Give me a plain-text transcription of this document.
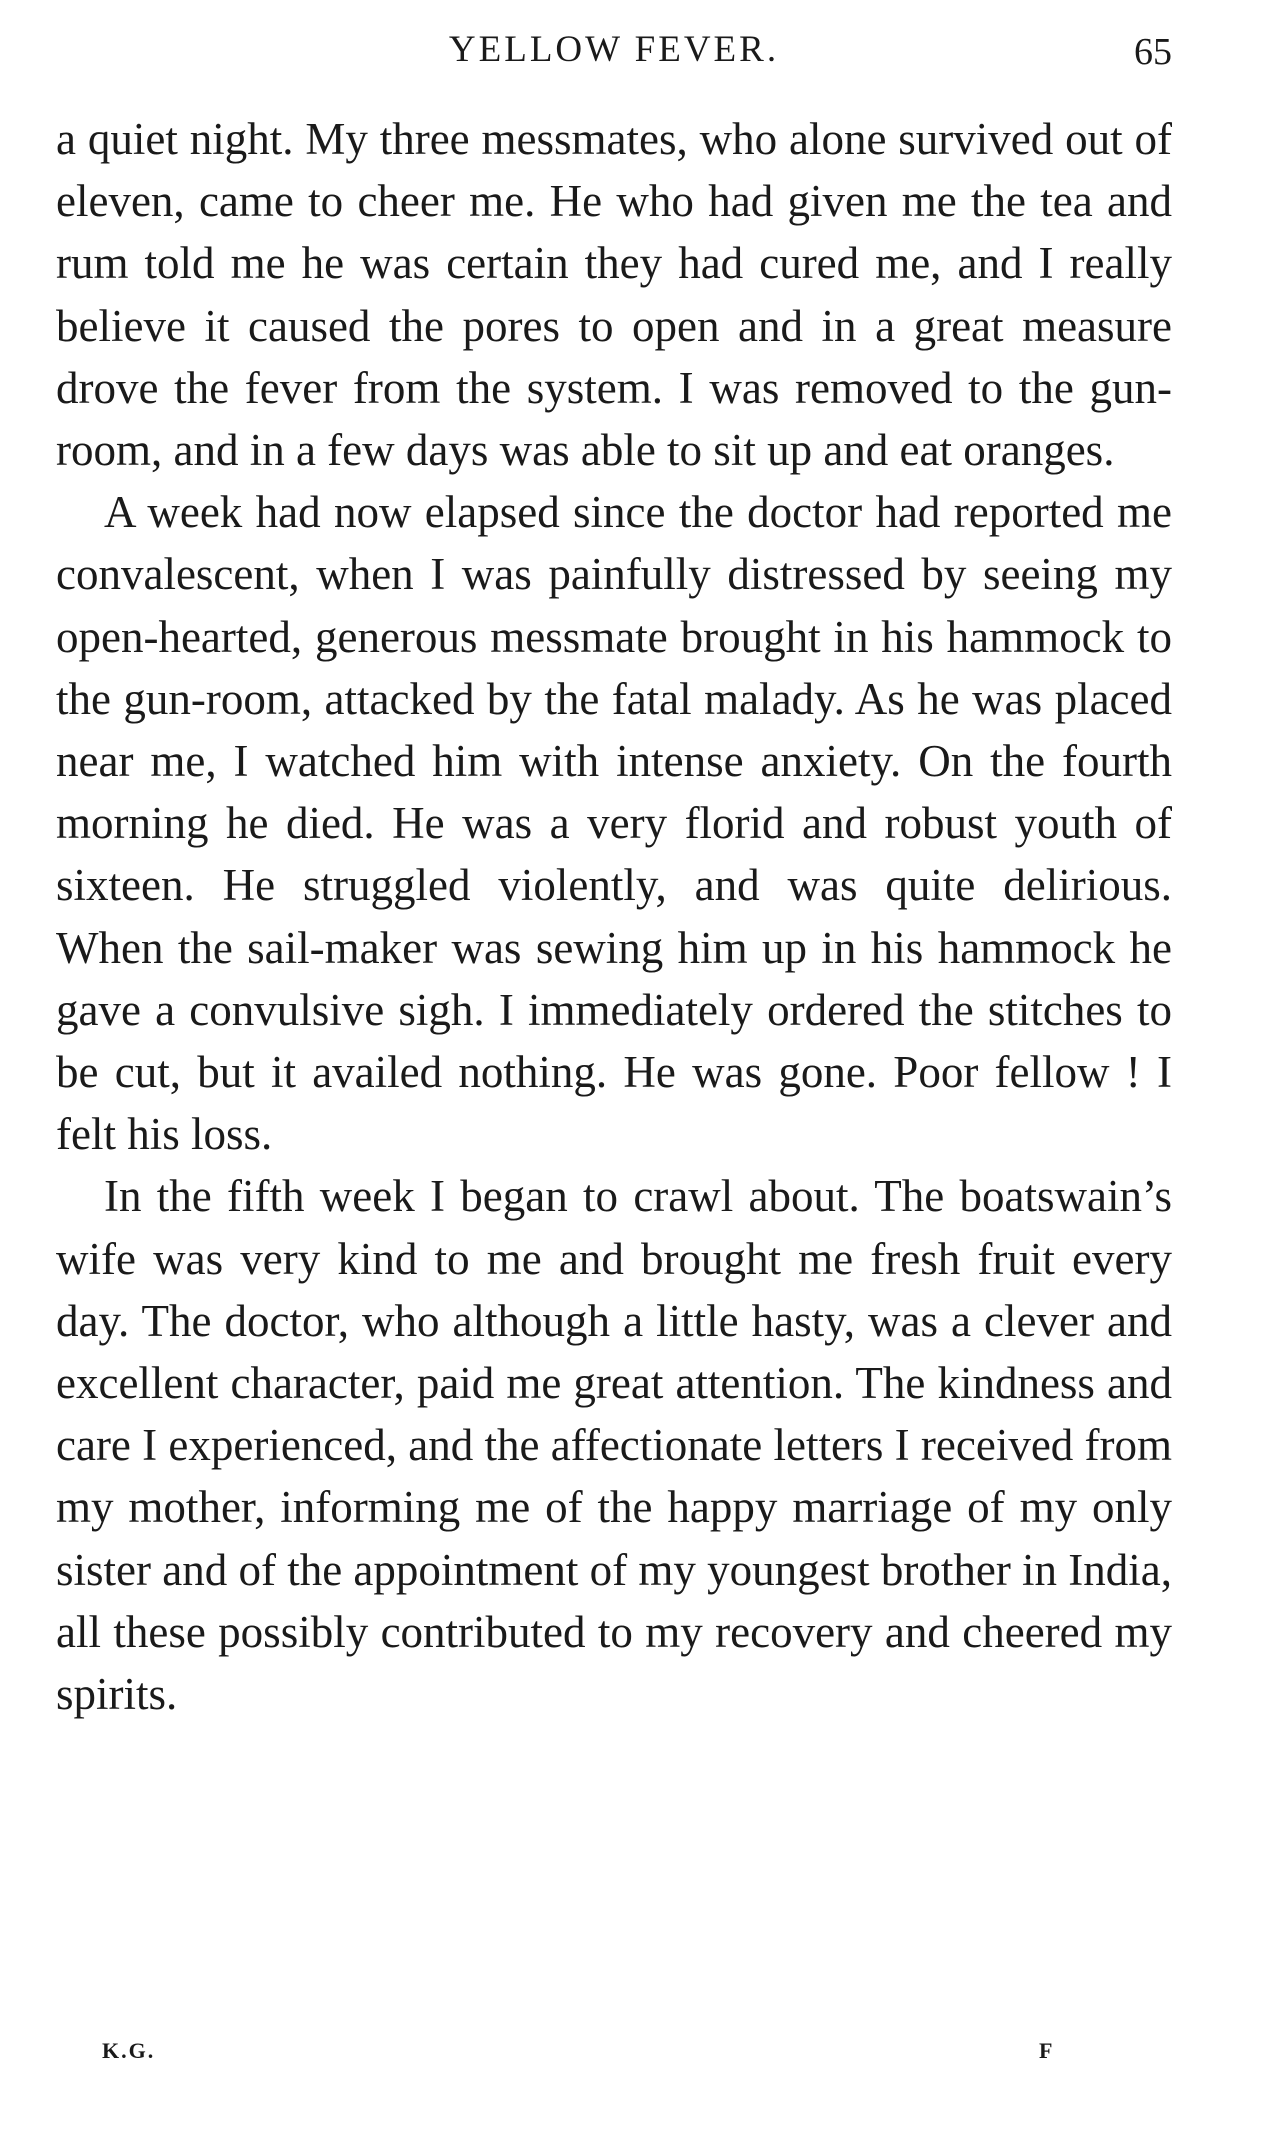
YELLOW FEVER.	65

a quiet night. My three messmates, who alone survived out of eleven, came to cheer me. He who had given me the tea and rum told me he was certain they had cured me, and I really believe it caused the pores to open and in a great measure drove the fever from the system. I was removed to the gun-room, and in a few days was able to sit up and eat oranges.

A week had now elapsed since the doctor had reported me convalescent, when I was painfully distressed by seeing my open-hearted, generous messmate brought in his hammock to the gun-room, attacked by the fatal malady. As he was placed near me, I watched him with intense anxiety. On the fourth morning he died. He was a very florid and robust youth of sixteen. He struggled violently, and was quite delirious. When the sail-maker was sewing him up in his hammock he gave a convulsive sigh. I immediately ordered the stitches to be cut, but it availed nothing. He was gone. Poor fellow ! I felt his loss.

In the fifth week I began to crawl about. The boatswain’s wife was very kind to me and brought me fresh fruit every day. The doctor, who although a little hasty, was a clever and excellent character, paid me great attention. The kindness and care I experienced, and the affectionate letters I received from my mother, informing me of the happy marriage of my only sister and of the appointment of my youngest brother in India, all these possibly contributed to my recovery and cheered my spirits.

K.G.	F
